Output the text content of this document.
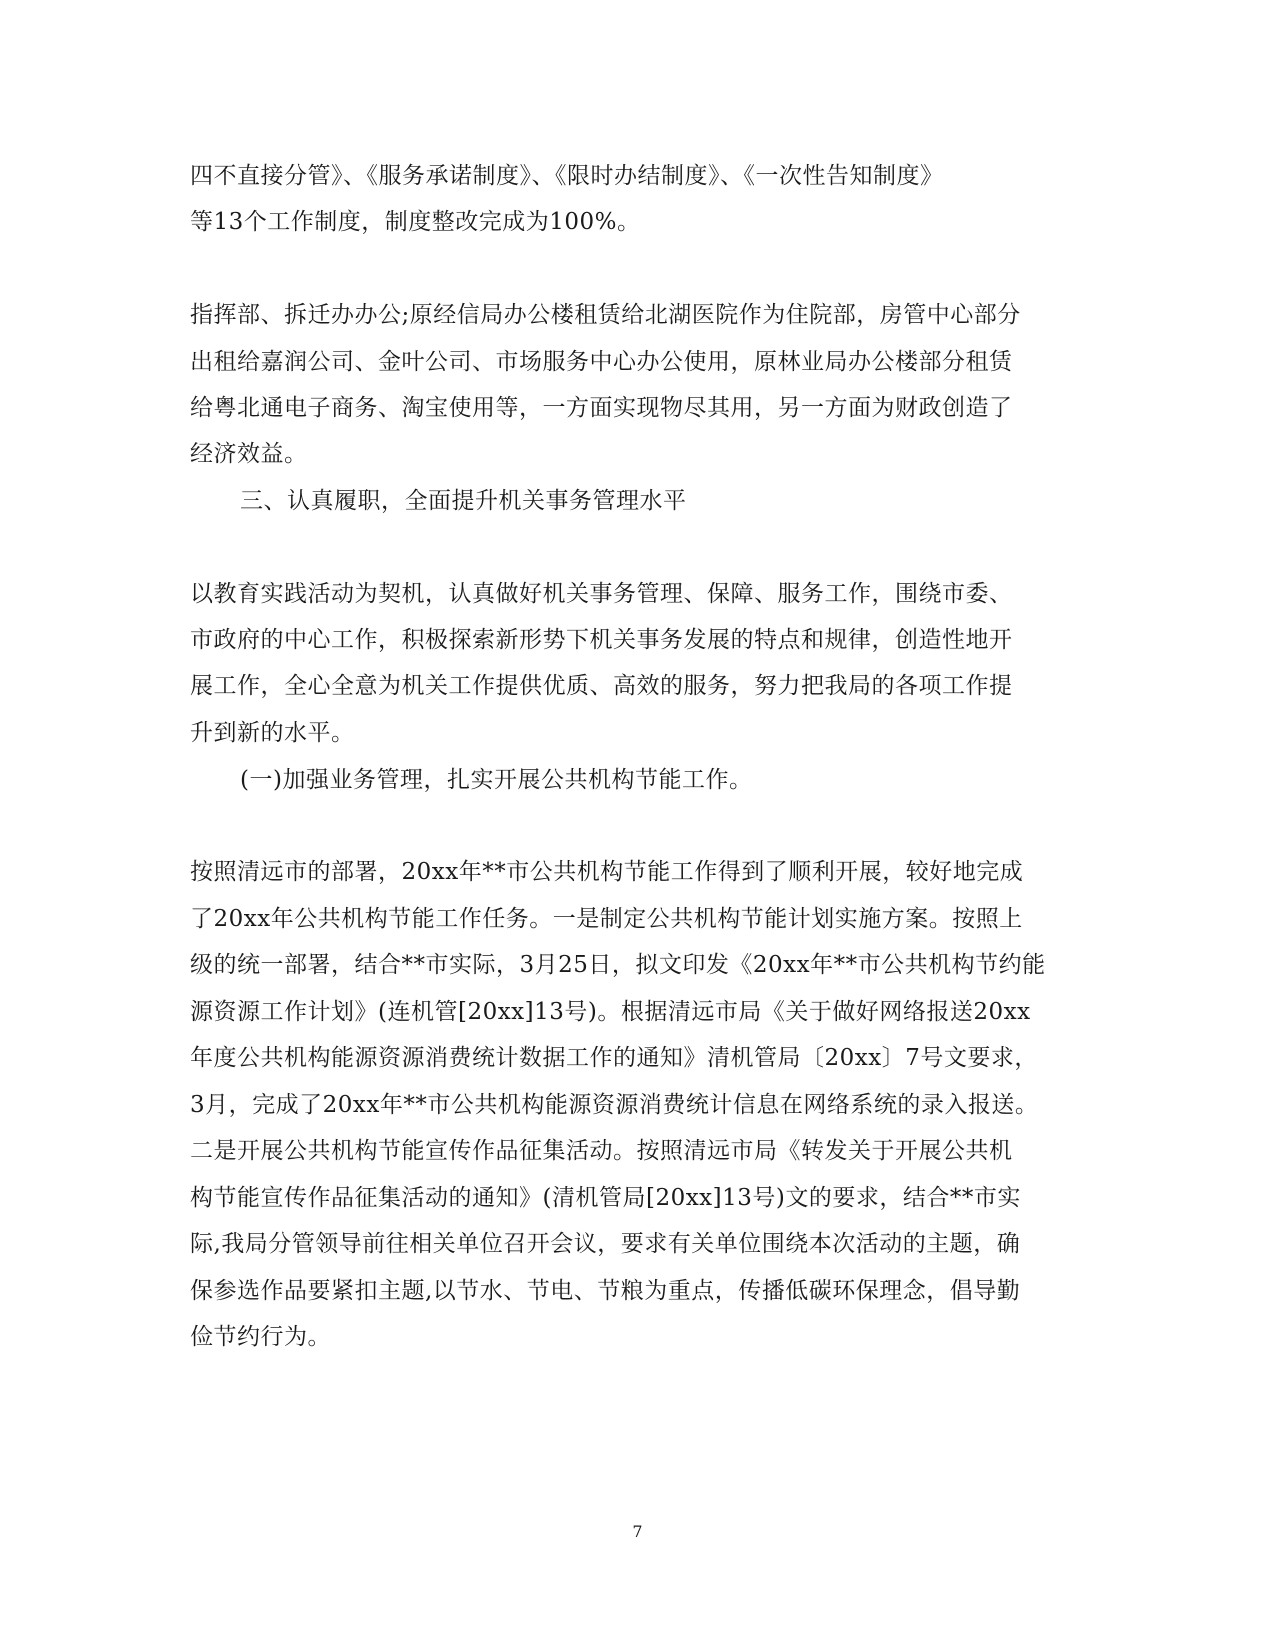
四不直接分管》、《服务承诺制度》、《限时办结制度》、《一次性告知制度》
等13个工作制度，制度整改完成为100%。
指挥部、拆迁办办公;原经信局办公楼租赁给北湖医院作为住院部，房管中心部分
出租给嘉润公司、金叶公司、市场服务中心办公使用，原林业局办公楼部分租赁
给粤北通电子商务、淘宝使用等，一方面实现物尽其用，另一方面为财政创造了
经济效益。
三、认真履职，全面提升机关事务管理水平
以教育实践活动为契机，认真做好机关事务管理、保障、服务工作，围绕市委、
市政府的中心工作，积极探索新形势下机关事务发展的特点和规律，创造性地开
展工作，全心全意为机关工作提供优质、高效的服务，努力把我局的各项工作提
升到新的水平。
(一)加强业务管理，扎实开展公共机构节能工作。
按照清远市的部署，20xx年**市公共机构节能工作得到了顺利开展，较好地完成
了20xx年公共机构节能工作任务。一是制定公共机构节能计划实施方案。按照上
级的统一部署，结合**市实际，3月25日，拟文印发《20xx年**市公共机构节约能
源资源工作计划》(连机管[20xx]13号)。根据清远市局《关于做好网络报送20xx
年度公共机构能源资源消费统计数据工作的通知》清机管局〔20xx〕7号文要求，
3月，完成了20xx年**市公共机构能源资源消费统计信息在网络系统的录入报送。
二是开展公共机构节能宣传作品征集活动。按照清远市局《转发关于开展公共机
构节能宣传作品征集活动的通知》(清机管局[20xx]13号)文的要求，结合**市实
际,我局分管领导前往相关单位召开会议，要求有关单位围绕本次活动的主题，确
保参选作品要紧扣主题,以节水、节电、节粮为重点，传播低碳环保理念，倡导勤
俭节约行为。
7
